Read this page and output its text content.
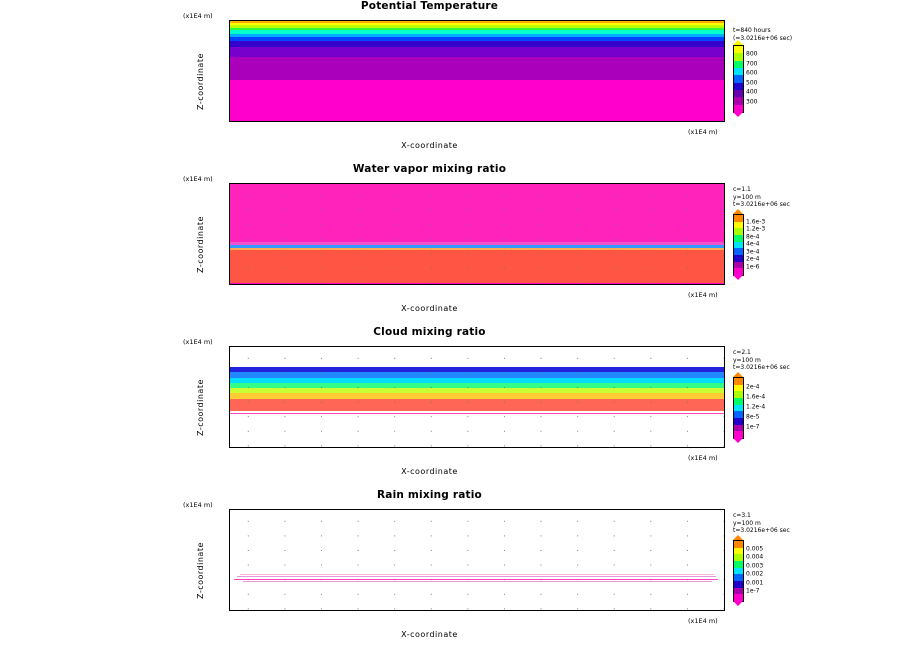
Potential Temperature
(x1E4 m)
Z-coordinate
X-coordinate
(x1E4 m)
t=840 hours
(=3.0216e+06 sec)
800
700
600
500
400
300
Water vapor mixing ratio
(x1E4 m)
Z-coordinate
X-coordinate
(x1E4 m)
c=1.1
y=100 m
t=3.0216e+06 sec
1.6e-3
1.2e-3
8e-4
4e-4
3e-4
2e-4
1e-6
Cloud mixing ratio
(x1E4 m)
Z-coordinate
X-coordinate
(x1E4 m)
c=2.1
y=100 m
t=3.0216e+06 sec
2e-4
1.6e-4
1.2e-4
8e-5
1e-7
Rain mixing ratio
(x1E4 m)
Z-coordinate
X-coordinate
(x1E4 m)
c=3.1
y=100 m
t=3.0216e+06 sec
0.005
0.004
0.003
0.002
0.001
1e-7
